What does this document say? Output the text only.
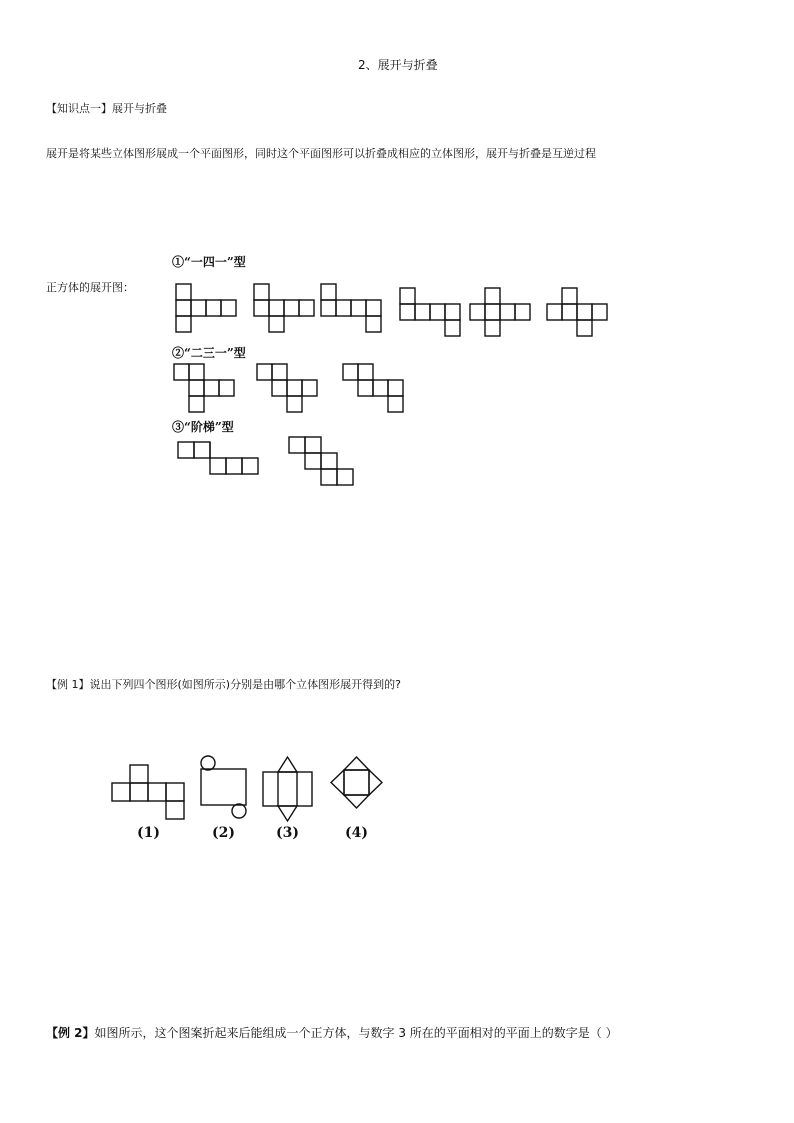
2、展开与折叠
【知识点一】展开与折叠
展开是将某些立体图形展成一个平面图形，同时这个平面图形可以折叠成相应的立体图形，展开与折叠是互逆过程
正方体的展开图：
①“一四一”型
②“二三一”型
③“阶梯”型
【例 1】说出下列四个图形(如图所示)分别是由哪个立体图形展开得到的?
(1)	(2)	(3)	(4)
【例 2】如图所示，这个图案折起来后能组成一个正方体，与数字 3 所在的平面相对的平面上的数字是（ ）
